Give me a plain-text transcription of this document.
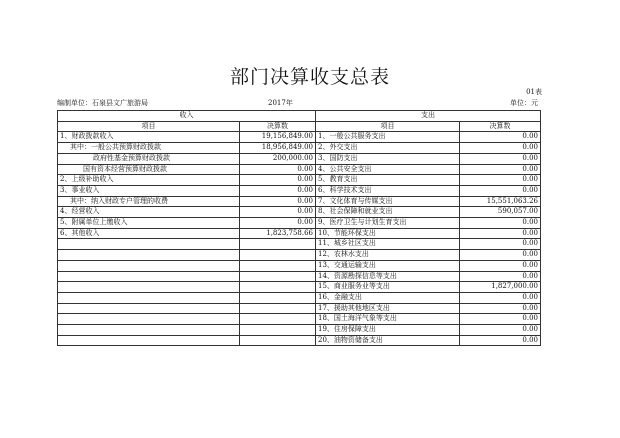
部门决算收支总表
01表
编制单位：石泉县文广旅游局	2017年	单位：元
收入		支出	
项目	决算数	项目	决算数
1、财政拨款收入	19,156,849.00	1、一般公共服务支出	0.00
其中：一般公共预算财政拨款	18,956,849.00	2、外交支出	0.00
政府性基金预算财政拨款	200,000.00	3、国防支出	0.00
国有资本经营预算财政拨款	0.00	4、公共安全支出	0.00
2、上级补助收入	0.00	5、教育支出	0.00
3、事业收入	0.00	6、科学技术支出	0.00
其中：纳入财政专户管理的收费	0.00	7、文化体育与传媒支出	15,551,063.26
4、经营收入	0.00	8、社会保障和就业支出	590,057.00
5、附属单位上缴收入	0.00	9、医疗卫生与计划生育支出	0.00
6、其他收入	1,823,758.66	10、节能环保支出	0.00
		11、城乡社区支出	0.00
		12、农林水支出	0.00
		13、交通运输支出	0.00
		14、资源勘探信息等支出	0.00
		15、商业服务业等支出	1,827,000.00
		16、金融支出	0.00
		17、援助其他地区支出	0.00
		18、国土海洋气象等支出	0.00
		19、住房保障支出	0.00
		20、油物资储备支出	0.00
